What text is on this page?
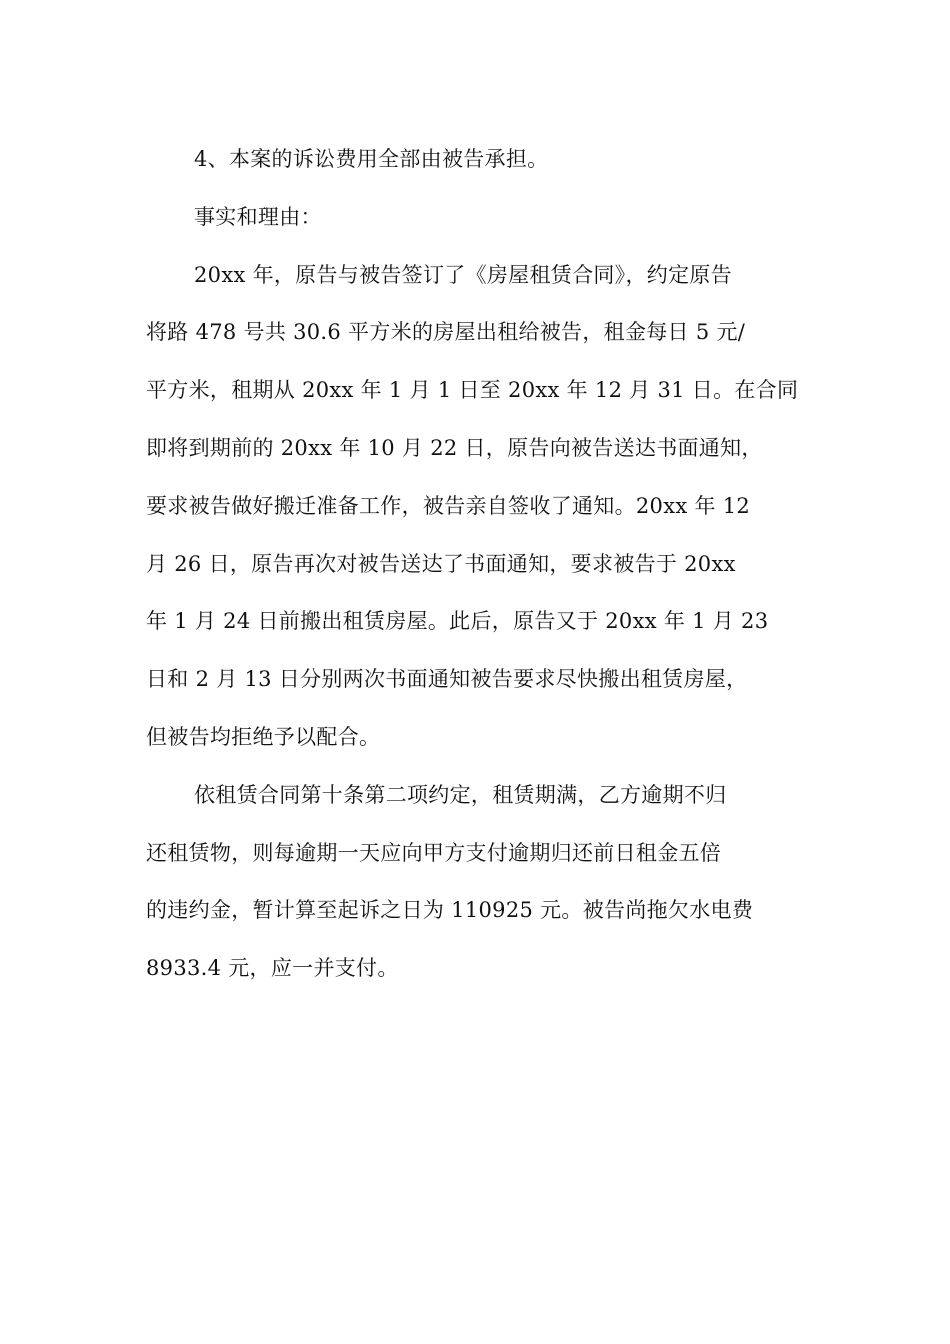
4、本案的诉讼费用全部由被告承担。
事实和理由：
20xx 年，原告与被告签订了《房屋租赁合同》，约定原告
将路 478 号共 30.6 平方米的房屋出租给被告，租金每日 5 元/
平方米，租期从 20xx 年 1 月 1 日至 20xx 年 12 月 31 日。在合同
即将到期前的 20xx 年 10 月 22 日，原告向被告送达书面通知，
要求被告做好搬迁准备工作，被告亲自签收了通知。20xx 年 12
月 26 日，原告再次对被告送达了书面通知，要求被告于 20xx
年 1 月 24 日前搬出租赁房屋。此后，原告又于 20xx 年 1 月 23
日和 2 月 13 日分别两次书面通知被告要求尽快搬出租赁房屋，
但被告均拒绝予以配合。
依租赁合同第十条第二项约定，租赁期满，乙方逾期不归
还租赁物，则每逾期一天应向甲方支付逾期归还前日租金五倍
的违约金，暂计算至起诉之日为 110925 元。被告尚拖欠水电费
8933.4 元，应一并支付。
